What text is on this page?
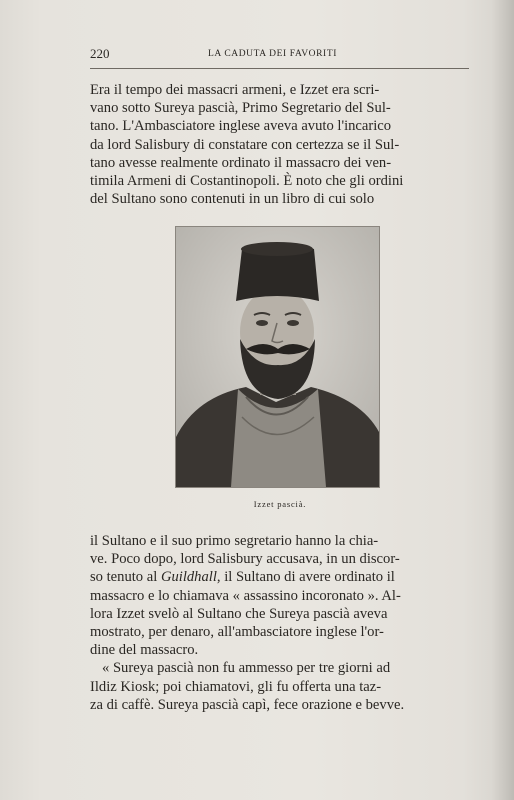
220	LA CADUTA DEI FAVORITI
Era il tempo dei massacri armeni, e Izzet era scri-
vano sotto Sureya pascià, Primo Segretario del Sul-
tano. L'Ambasciatore inglese aveva avuto l'incarico
da lord Salisbury di constatare con certezza se il Sul-
tano avesse realmente ordinato il massacro dei ven-
timila Armeni di Costantinopoli. È noto che gli ordini
del Sultano sono contenuti in un libro di cui solo
Izzet pascià.
il Sultano e il suo primo segretario hanno la chia-
ve. Poco dopo, lord Salisbury accusava, in un discor-
so tenuto al Guildhall, il Sultano di avere ordinato il
massacro e lo chiamava « assassino incoronato ». Al-
lora Izzet svelò al Sultano che Sureya pascià aveva
mostrato, per denaro, all'ambasciatore inglese l'or-
dine del massacro.
« Sureya pascià non fu ammesso per tre giorni ad
Ildiz Kiosk; poi chiamatovi, gli fu offerta una taz-
za di caffè. Sureya pascià capì, fece orazione e bevve.
